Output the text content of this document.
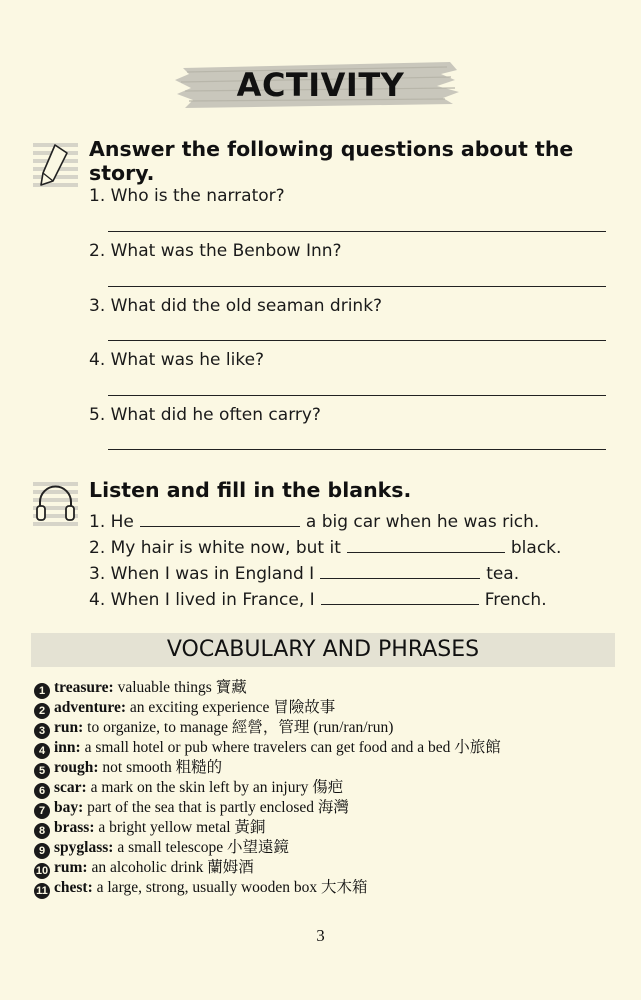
ACTIVITY
Answer the following questions about the story.
1. Who is the narrator?
2. What was the Benbow Inn?
3. What did the old seaman drink?
4. What was he like?
5. What did he often carry?
Listen and fill in the blanks.
1. He	a big car when he was rich.
2. My hair is white now, but it	black.
3. When I was in England I	tea.
4. When I lived in France, I	French.
VOCABULARY AND PHRASES
1 treasure: valuable things 寶藏
2 adventure: an exciting experience 冒險故事
3 run: to organize, to manage 經營，管理 (run/ran/run)
4 inn: a small hotel or pub where travelers can get food and a bed 小旅館
5 rough: not smooth 粗糙的
6 scar: a mark on the skin left by an injury 傷疤
7 bay: part of the sea that is partly enclosed 海灣
8 brass: a bright yellow metal 黃銅
9 spyglass: a small telescope 小望遠鏡
10 rum: an alcoholic drink 蘭姆酒
11 chest: a large, strong, usually wooden box 大木箱
3
